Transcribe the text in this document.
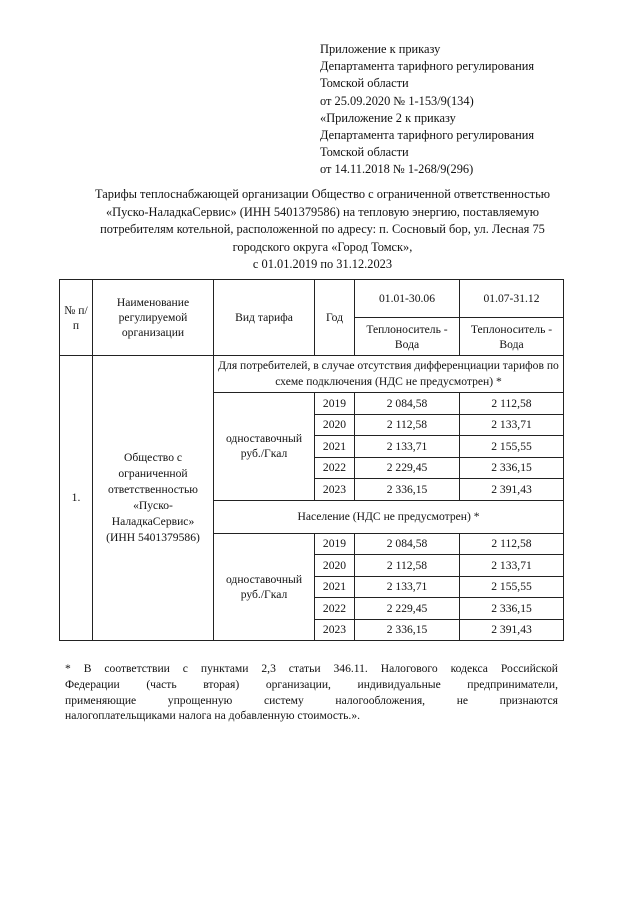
Приложение к приказу
Департамента тарифного регулирования
Томской области
от 25.09.2020 № 1-153/9(134)
«Приложение 2 к приказу
Департамента тарифного регулирования
Томской области
от 14.11.2018 № 1-268/9(296)
Тарифы теплоснабжающей организации Общество с ограниченной ответственностью
«Пуско-НаладкаСервис» (ИНН 5401379586) на тепловую энергию, поставляемую
потребителям котельной, расположенной по адресу: п. Сосновый бор, ул. Лесная 75
городского округа «Город Томск»,
с 01.01.2019 по 31.12.2023
№ п/п	Наименование регулируемой организации	Вид тарифа	Год	01.01-30.06	01.07-31.12
				Теплоноситель - Вода	Теплоноситель - Вода
1.	Общество с ограниченной ответственностью «Пуско-НаладкаСервис» (ИНН 5401379586)	Для потребителей, в случае отсутствия дифференциации тарифов по схеме подключения (НДС не предусмотрен) *			
		одноставочный руб./Гкал	2019	2 084,58	2 112,58
			2020	2 112,58	2 133,71
			2021	2 133,71	2 155,55
			2022	2 229,45	2 336,15
			2023	2 336,15	2 391,43
		Население (НДС не предусмотрен) *			
		одноставочный руб./Гкал	2019	2 084,58	2 112,58
			2020	2 112,58	2 133,71
			2021	2 133,71	2 155,55
			2022	2 229,45	2 336,15
			2023	2 336,15	2 391,43
* В соответствии с пунктами 2,3 статьи 346.11. Налогового кодекса Российской
Федерации (часть вторая) организации, индивидуальные предприниматели,
применяющие упрощенную систему налогообложения, не признаются
налогоплательщиками налога на добавленную стоимость.».
